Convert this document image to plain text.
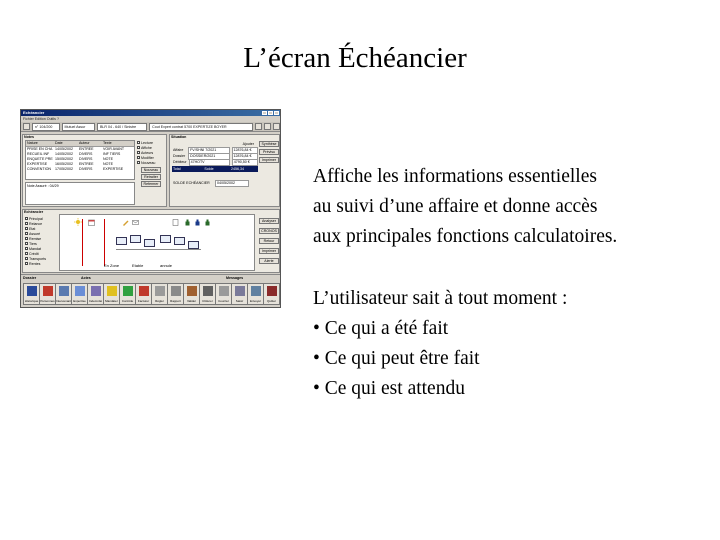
L’écran Échéancier

Affiche les informations essentielles

au suivi d’une affaire et donne accès

aux principales fonctions calculatoires.

L’utilisateur sait à tout moment :

• Ce qui a été fait

• Ce qui peut être fait

• Ce qui est attendu

Echéancier
Fichier Edition Outils ?
n° 104/200	Mutuel Assur	BLR 04 - 640 / Sinistre	Cout Expert contrat 5700 EXPERTIZE BOYER
Notes
Nature	Date	Auteur	Texte
PRISE EN CHA 14/05/2002	ENTREE	VOIR AVANT
RECUEIL INF	14/05/2002	DIVERS	INF TIERS
ENQUETE PRE 15/05/2002	DIVERS	NOTE
EXPERTISE	16/05/2002	ENTREE	NOTE
CONVENTION	17/05/2002	DIVERS	EXPERTISE
Lecture
Affiche
Acteurs
Modifier
Nouveau
Nouveau
Retraiter
Refermer
Note Assuré : 04/29
Situation
Ajouter
Affaire	FV/SHNI 7/2021	12876,84 €
Dossier	DOSSIER/2021	12876,84 €
Débiteur	47HOTV	4790,50 €
Total	Solde	2456,34
SOLDE ECHÉANCIER	04/05/2002
Synthèse
Prévisu
Imprimer
Echéancier
Principal
Relance
Etat
Assuré
Remise
Tiers
Mandat
Crédit
Transports
Rentes
Analyser
CRONOS
Retour
Imprimer
Alerte
En Zone	Etable	annule
Dossier	Actes	Messages
Historique Personnes Intervenant Expertise	Indemnité	Mandater	Contrôle	Facturer	Régler	Rapport	Valider	Clôturer	Courrier	Saisir	Envoyer	Quitter
